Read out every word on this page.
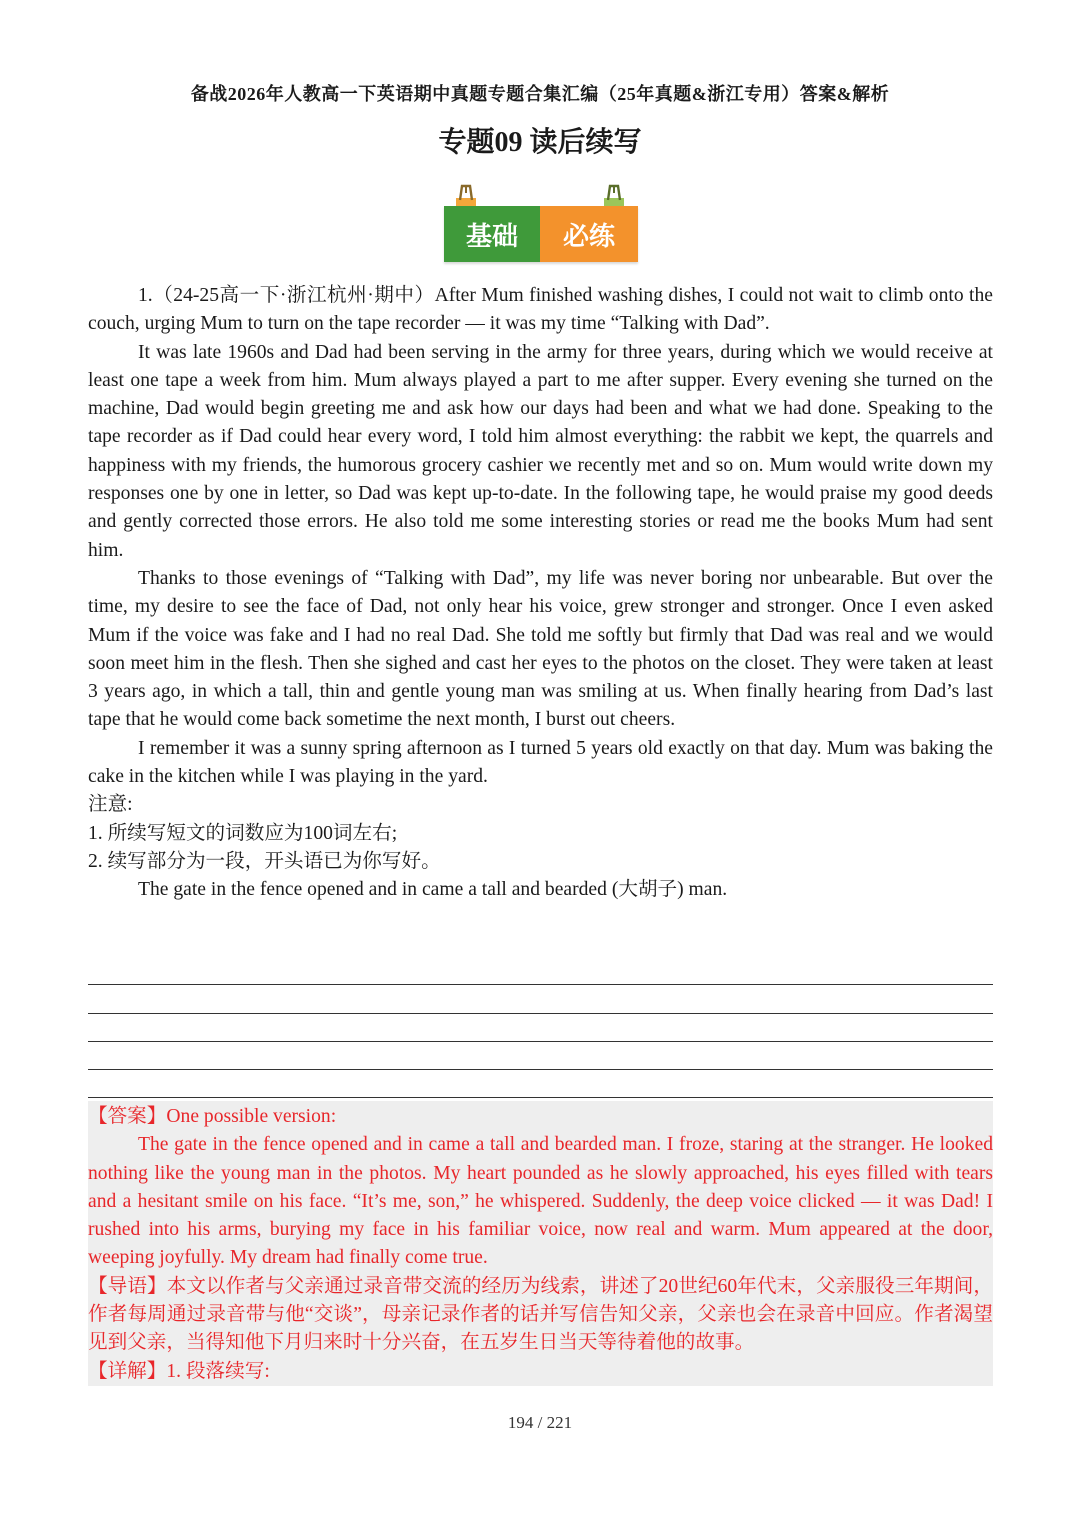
备战2026年人教高一下英语期中真题专题合集汇编（25年真题&浙江专用）答案&解析
专题09 读后续写
基础	必练

1.（24-25高一下·浙江杭州·期中）After Mum finished washing dishes, I could not wait to climb onto the couch, urging Mum to turn on the tape recorder — it was my time “Talking with Dad”.

It was late 1960s and Dad had been serving in the army for three years, during which we would receive at least one tape a week from him. Mum always played a part to me after supper. Every evening she turned on the machine, Dad would begin greeting me and ask how our days had been and what we had done. Speaking to the tape recorder as if Dad could hear every word, I told him almost everything: the rabbit we kept, the quarrels and happiness with my friends, the humorous grocery cashier we recently met and so on. Mum would write down my responses one by one in letter, so Dad was kept up-to-date. In the following tape, he would praise my good deeds and gently corrected those errors. He also told me some interesting stories or read me the books Mum had sent him.

Thanks to those evenings of “Talking with Dad”, my life was never boring nor unbearable. But over the time, my desire to see the face of Dad, not only hear his voice, grew stronger and stronger. Once I even asked Mum if the voice was fake and I had no real Dad. She told me softly but firmly that Dad was real and we would soon meet him in the flesh. Then she sighed and cast her eyes to the photos on the closet. They were taken at least 3 years ago, in which a tall, thin and gentle young man was smiling at us. When finally hearing from Dad’s last tape that he would come back sometime the next month, I burst out cheers.

I remember it was a sunny spring afternoon as I turned 5 years old exactly on that day. Mum was baking the cake in the kitchen while I was playing in the yard.

注意:

1. 所续写短文的词数应为100词左右;

2. 续写部分为一段，开头语已为你写好。

The gate in the fence opened and in came a tall and bearded (大胡子) man.

【答案】One possible version:

The gate in the fence opened and in came a tall and bearded man. I froze, staring at the stranger. He looked nothing like the young man in the photos. My heart pounded as he slowly approached, his eyes filled with tears and a hesitant smile on his face. “It’s me, son,” he whispered. Suddenly, the deep voice clicked — it was Dad! I rushed into his arms, burying my face in his familiar voice, now real and warm. Mum appeared at the door, weeping joyfully. My dream had finally come true.

【导语】本文以作者与父亲通过录音带交流的经历为线索，讲述了20世纪60年代末，父亲服役三年期间，作者每周通过录音带与他“交谈”，母亲记录作者的话并写信告知父亲，父亲也会在录音中回应。作者渴望见到父亲，当得知他下月归来时十分兴奋，在五岁生日当天等待着他的故事。

【详解】1. 段落续写:

194 / 221
